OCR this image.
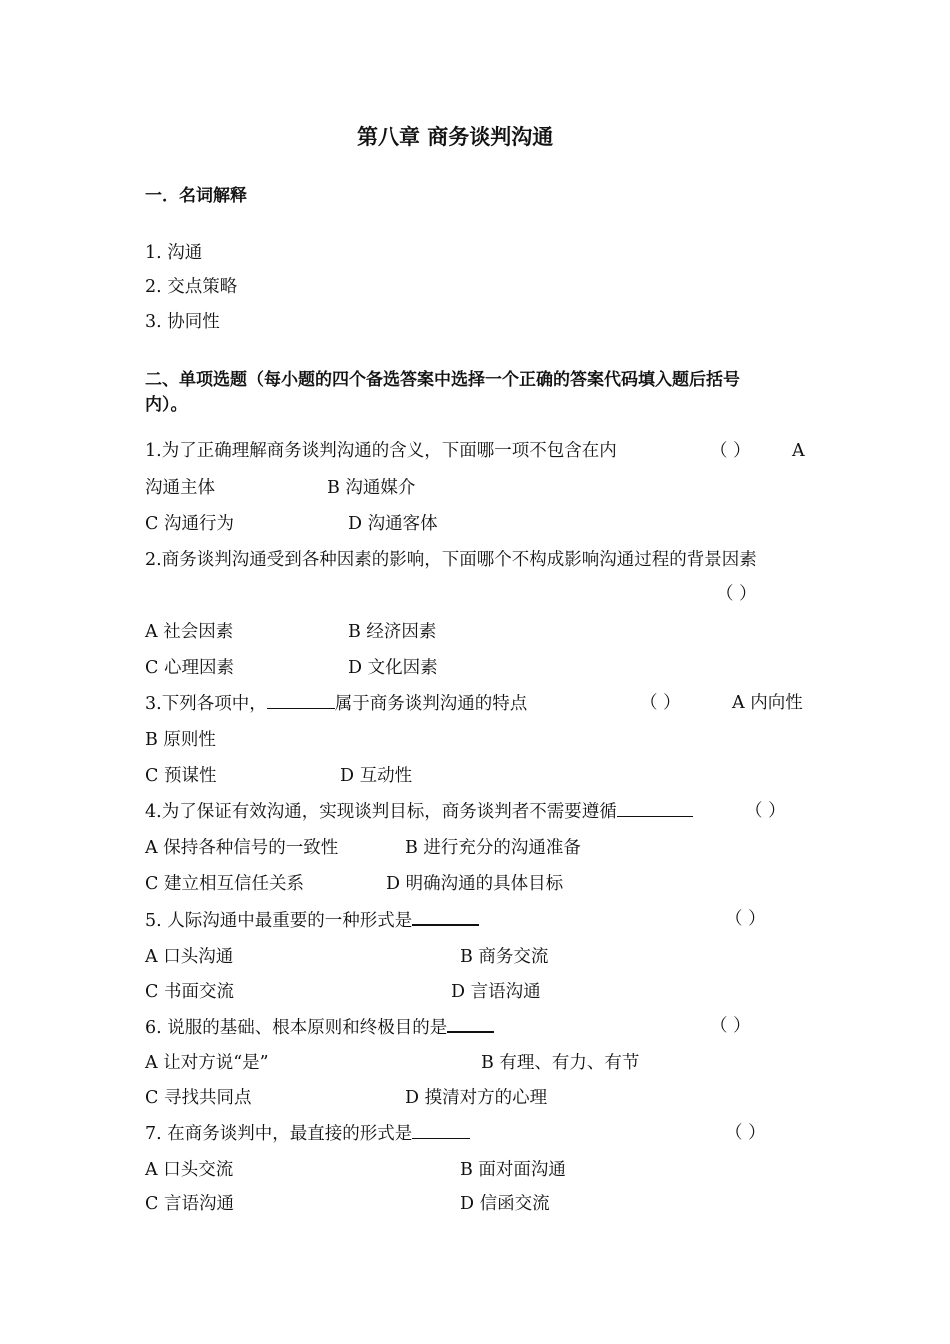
第八章 商务谈判沟通
一．名词解释
1. 沟通
2. 交点策略
3. 协同性
二、单项选题（每小题的四个备选答案中选择一个正确的答案代码填入题后括号
内）。
1.为了正确理解商务谈判沟通的含义，下面哪一项不包含在内	（ ） A
沟通主体	B 沟通媒介
C 沟通行为	D 沟通客体
2.商务谈判沟通受到各种因素的影响，下面哪个不构成影响沟通过程的背景因素
（ ）
A 社会因素	B 经济因素
C 心理因素	D 文化因素
3.下列各项中，	属于商务谈判沟通的特点	（ ）	A 内向性
B 原则性
C 预谋性	D 互动性
4.为了保证有效沟通，实现谈判目标，商务谈判者不需要遵循	（ ）
A 保持各种信号的一致性	B 进行充分的沟通准备
C 建立相互信任关系	D 明确沟通的具体目标
5. 人际沟通中最重要的一种形式是	（ ）
A 口头沟通	B 商务交流
C 书面交流	D 言语沟通
6. 说服的基础、根本原则和终极目的是	（ ）
A 让对方说“是”	B 有理、有力、有节
C 寻找共同点	D 摸清对方的心理
7. 在商务谈判中，最直接的形式是	（ ）
A 口头交流	B 面对面沟通
C 言语沟通	D 信函交流
